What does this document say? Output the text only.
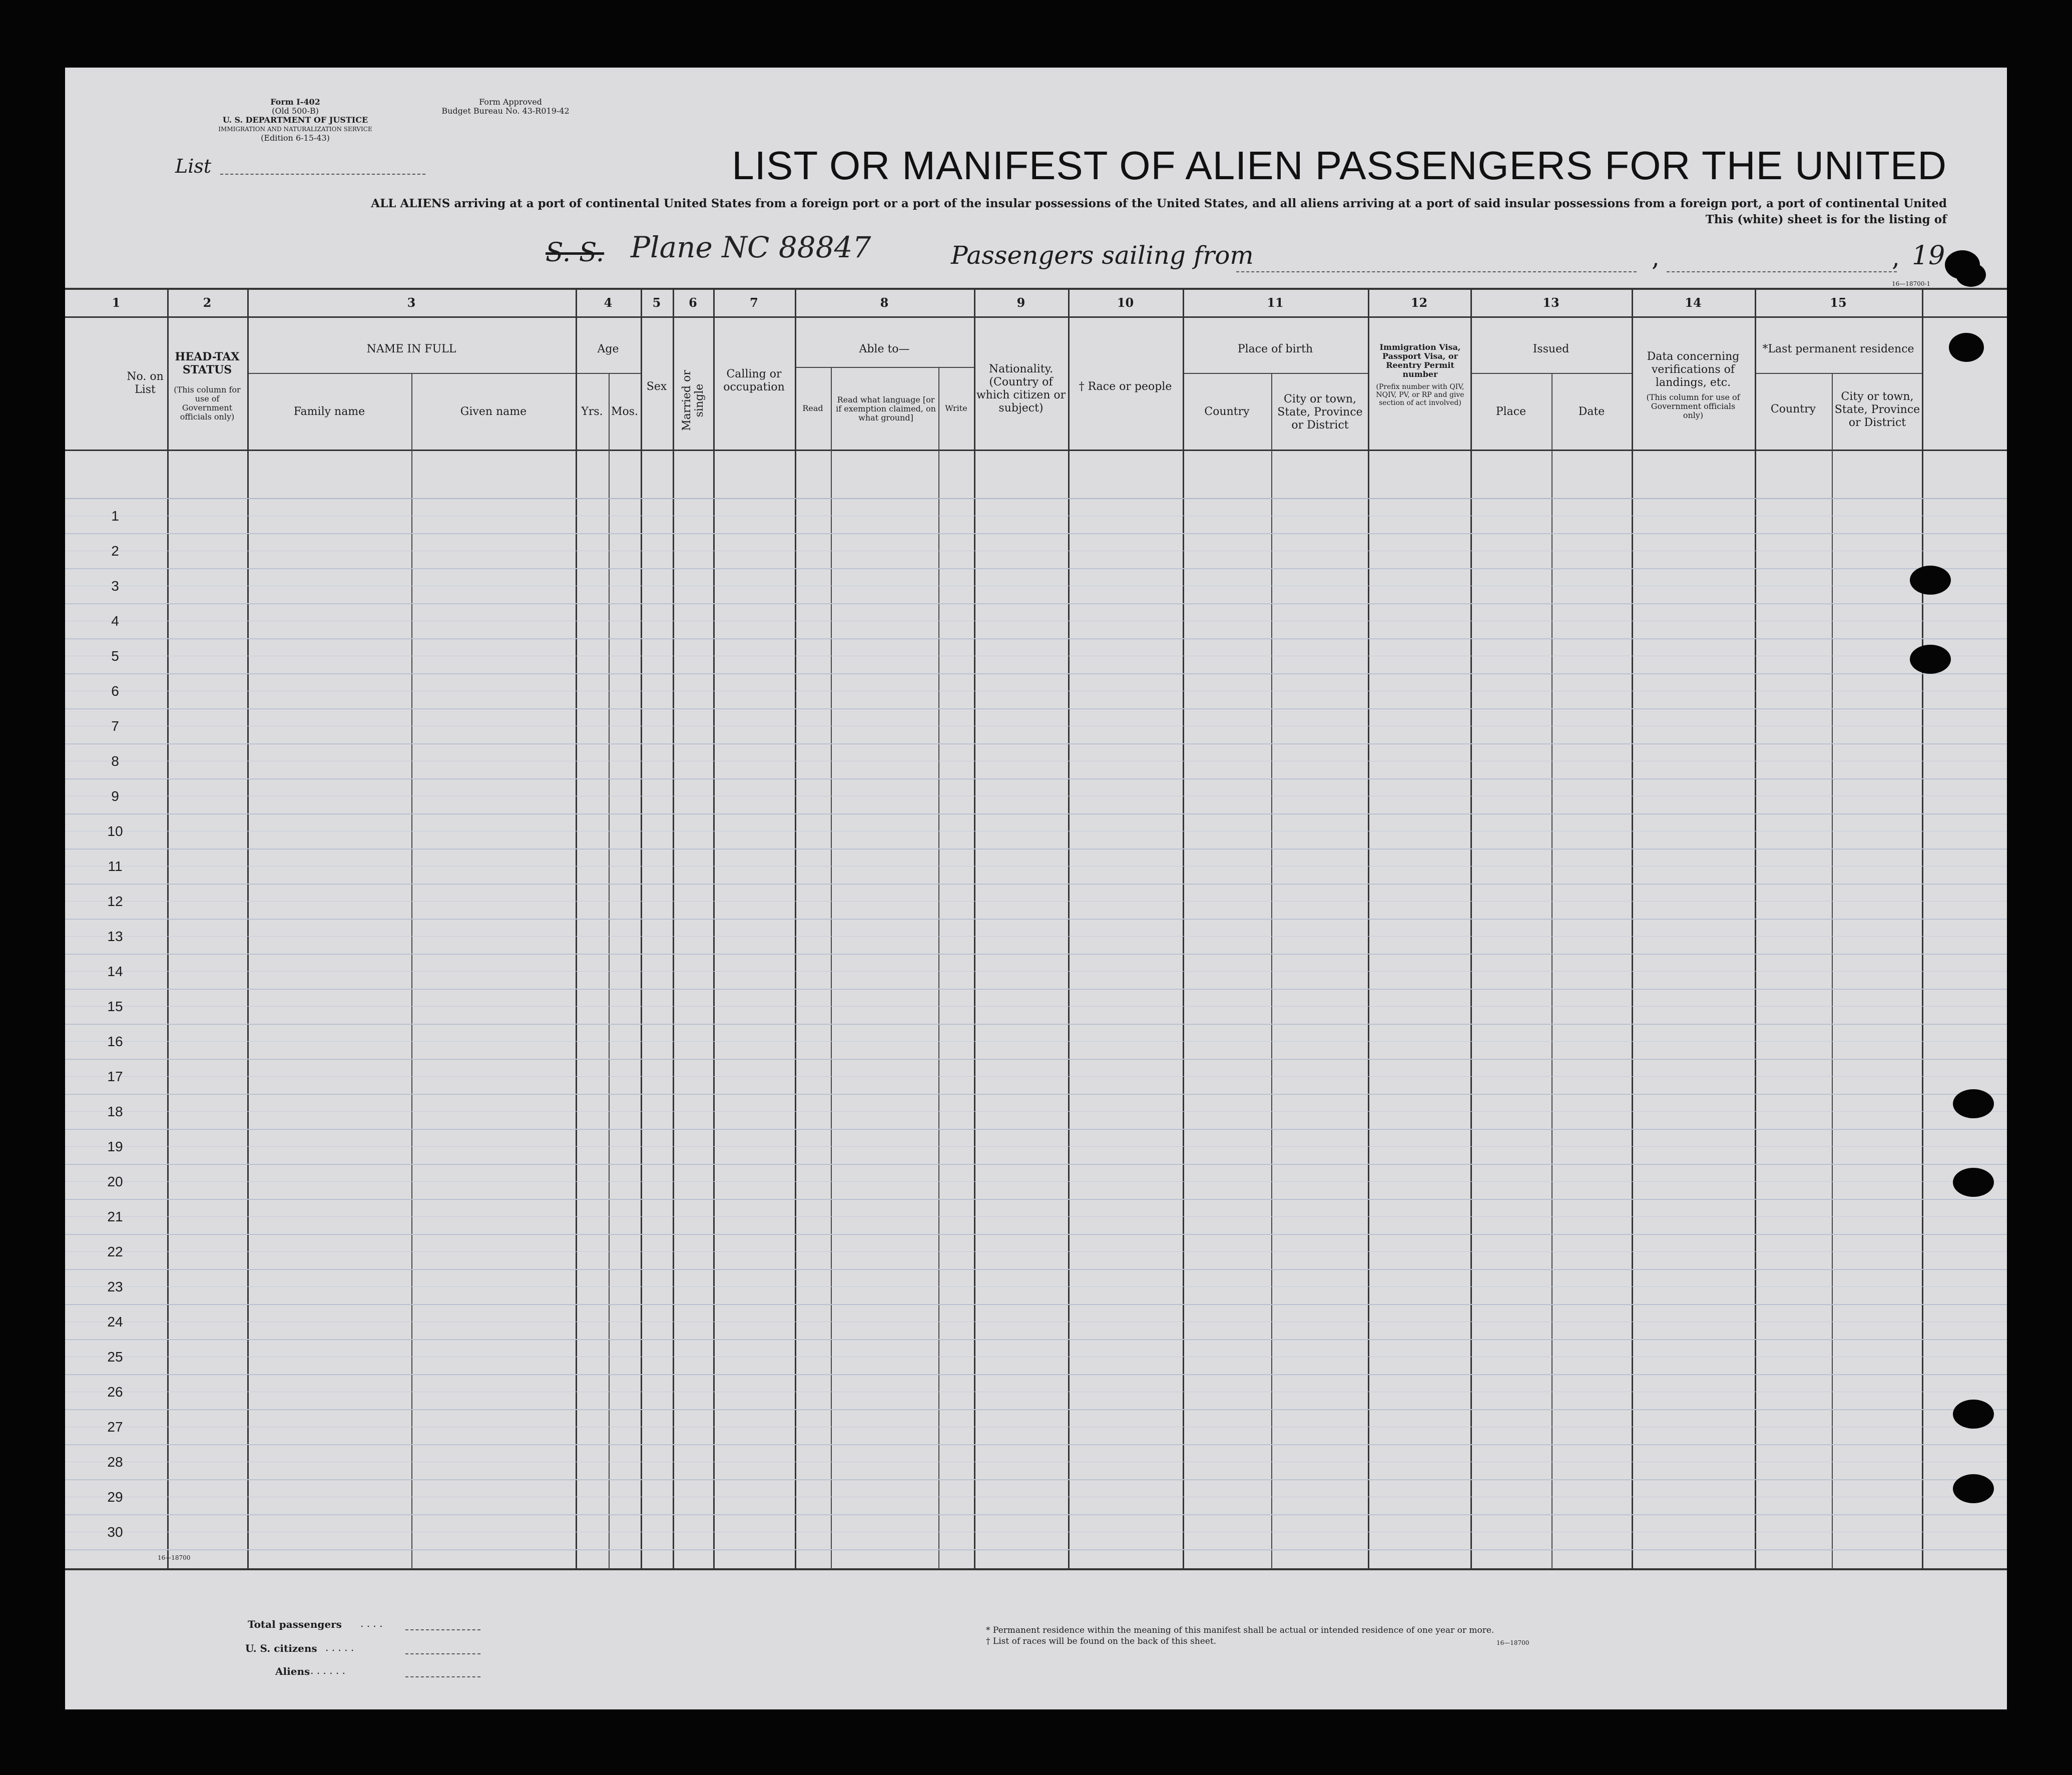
Form I-402
(Old 500-B)
U. S. DEPARTMENT OF JUSTICE
IMMIGRATION AND NATURALIZATION SERVICE
(Edition 6-15-43)
Form Approved
Budget Bureau No. 43-R019-42
List	LIST OR MANIFEST OF ALIEN PASSENGERS FOR THE UNITED
ALL ALIENS arriving at a port of continental United States from a foreign port or a port of the insular possessions of the United States, and all aliens arriving at a port of said insular possessions from a foreign port, a port of continental United
This (white) sheet is for the listing of
S. S. Plane NC 88847	Passengers sailing from	,	, 19
16—18700-1
1	2	3	4	5	6	7	8	9	10	11	12	13	14	15
No. on List
HEAD-TAX STATUS
(This column for use of Government officials only)
NAME IN FULL
Family name	Given name
Age
Yrs. Mos.
Sex	Married or single
Calling or occupation
Able to—
Read
Read what language [or if exemption claimed, on what ground]
Write
Nationality. (Country of which citizen or subject)
† Race or people
Place of birth
Country
City or town, State, Province or District
Immigration Visa, Passport Visa, or Reentry Permit number
(Prefix number with QIV, NQIV, PV, or RP and give section of act involved)
Issued
Place	Date
Data concerning verifications of landings, etc.
(This column for use of Government officials only)
*Last permanent residence
Country
City or town, State, Province or District
1
2
3
4
5
6
7
8
9
10
11
12
13
14
15
16
17
18
19
20
21
22
23
24
25
26
27
28
29
30
16—18700
Total passengers . . . .
U. S. citizens . . . . .
Aliens . . . . . .
* Permanent residence within the meaning of this manifest shall be actual or intended residence of one year or more.
† List of races will be found on the back of this sheet.	16—18700
